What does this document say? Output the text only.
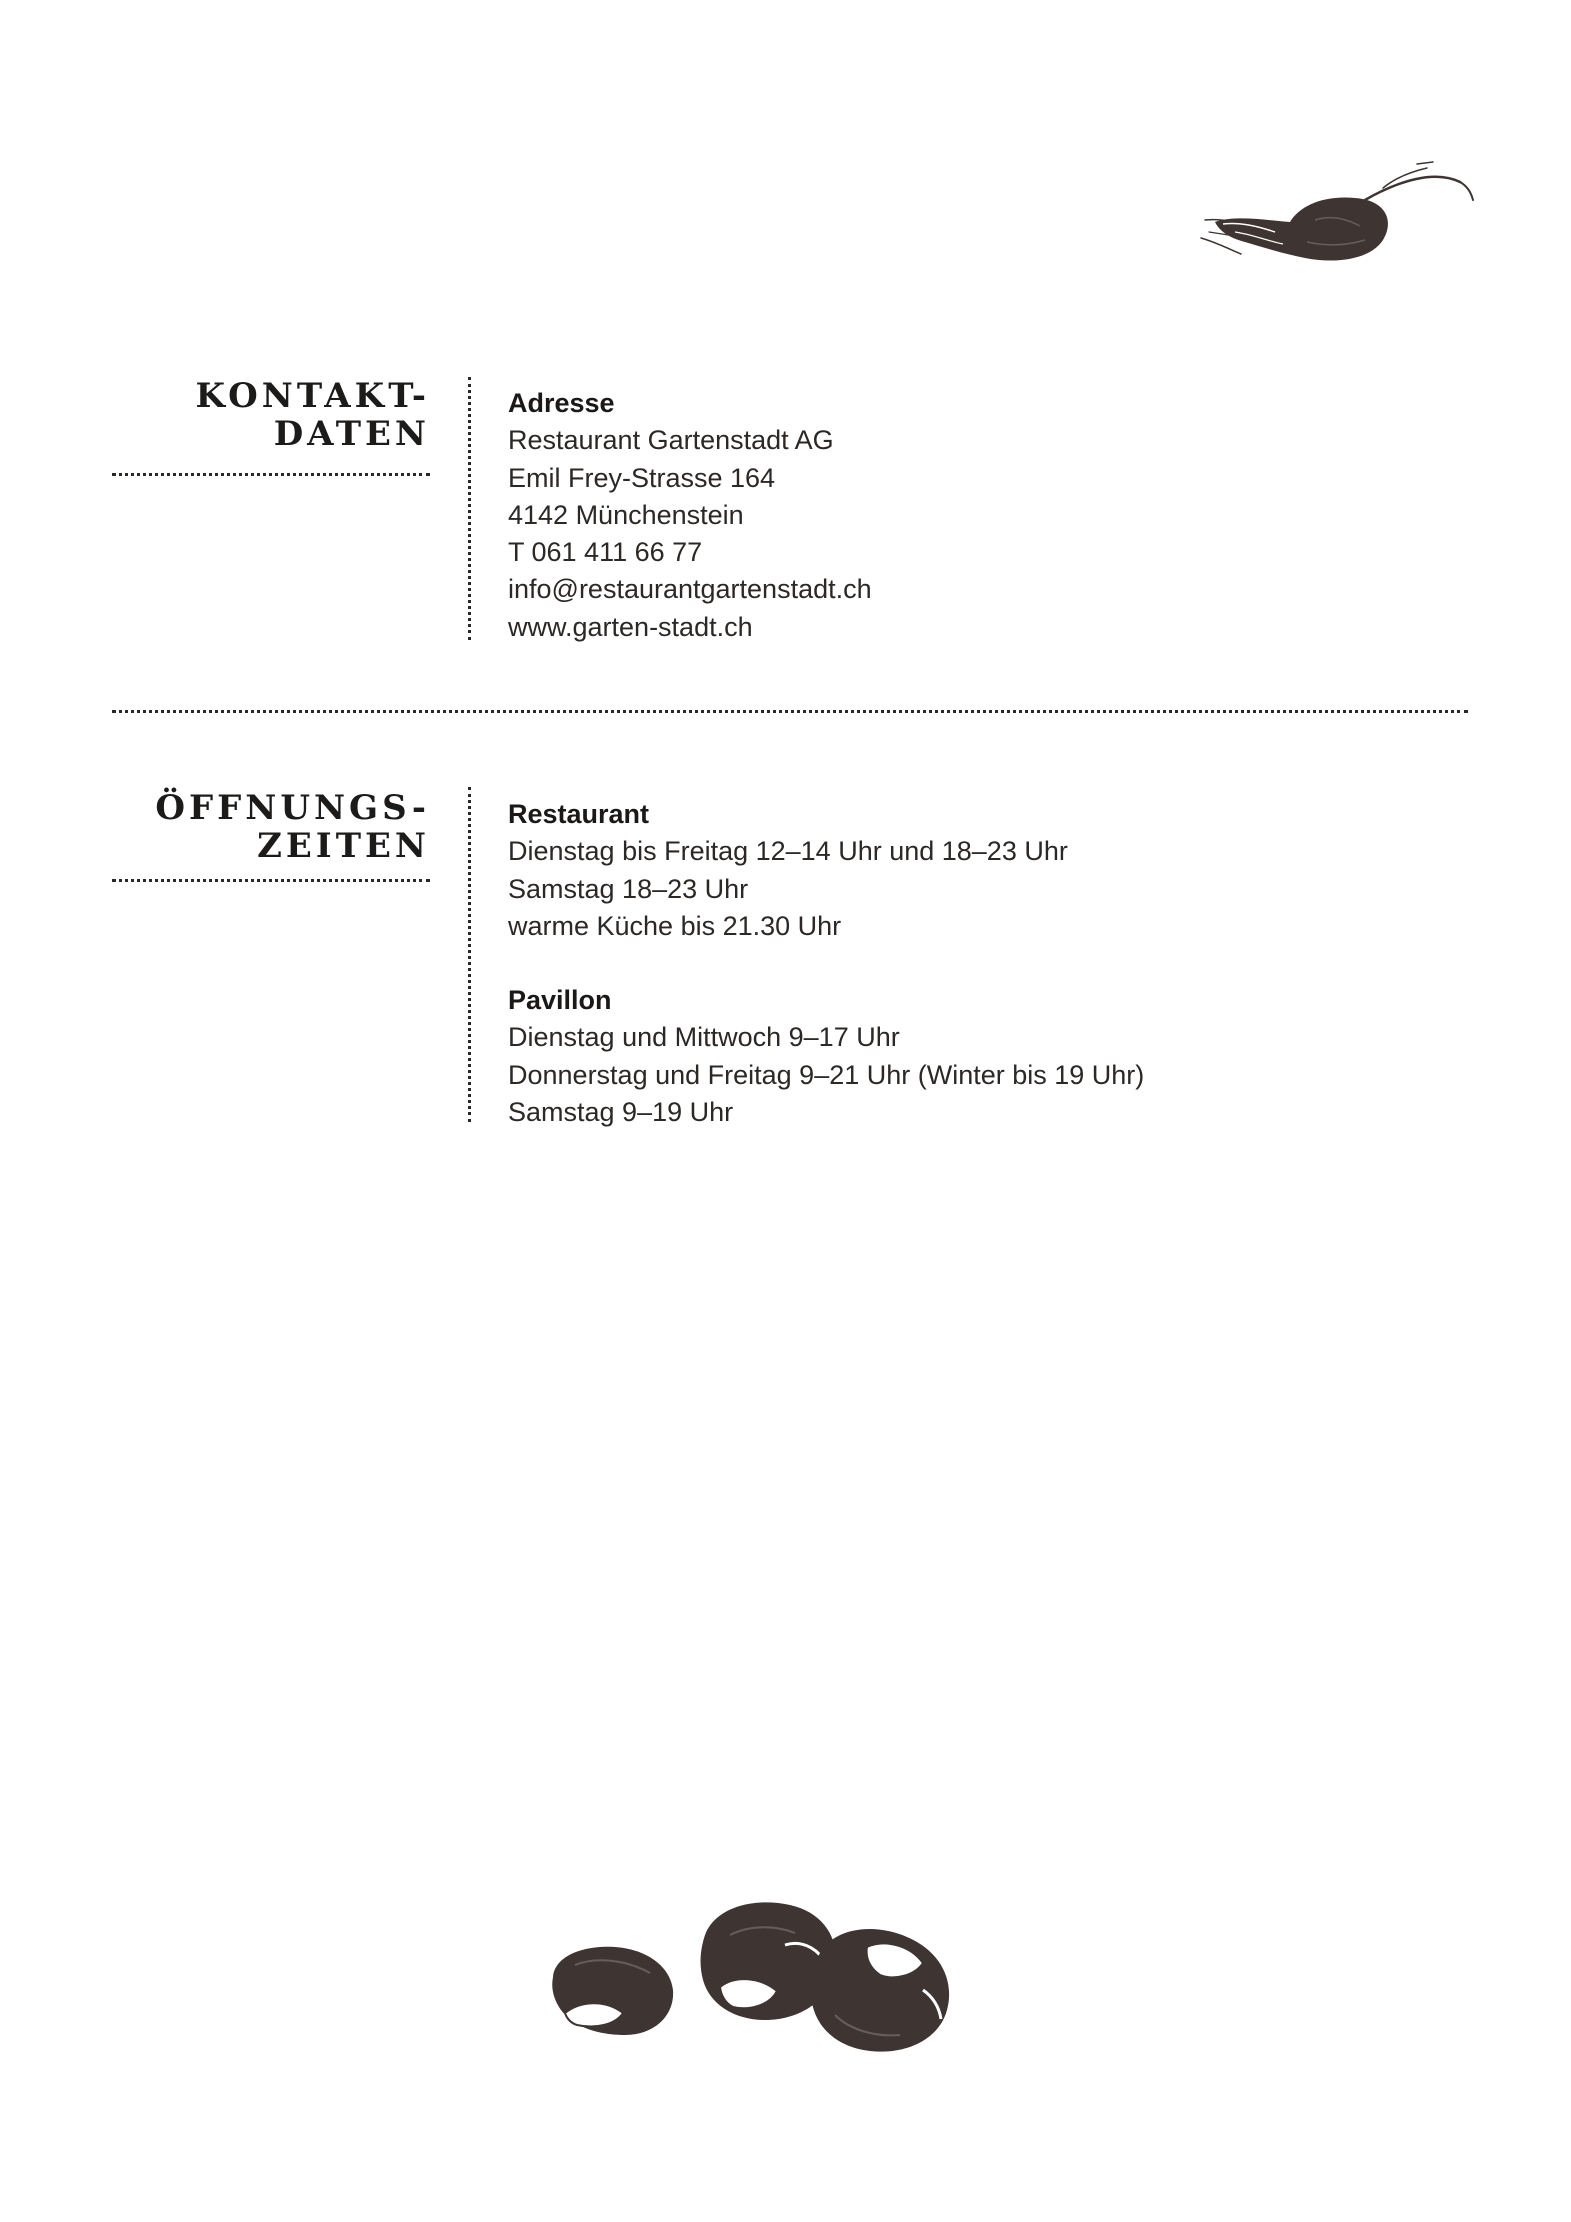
KONTAKT-
DATEN
Adresse
Restaurant Gartenstadt AG
Emil Frey-Strasse 164
4142 Münchenstein
T 061 411 66 77
info@restaurantgartenstadt.ch
www.garten-stadt.ch
ÖFFNUNGS-
ZEITEN
Restaurant
Dienstag bis Freitag 12–14 Uhr und 18–23 Uhr
Samstag 18–23 Uhr
warme Küche bis 21.30 Uhr
Pavillon
Dienstag und Mittwoch 9–17 Uhr
Donnerstag und Freitag 9–21 Uhr (Winter bis 19 Uhr)
Samstag 9–19 Uhr
